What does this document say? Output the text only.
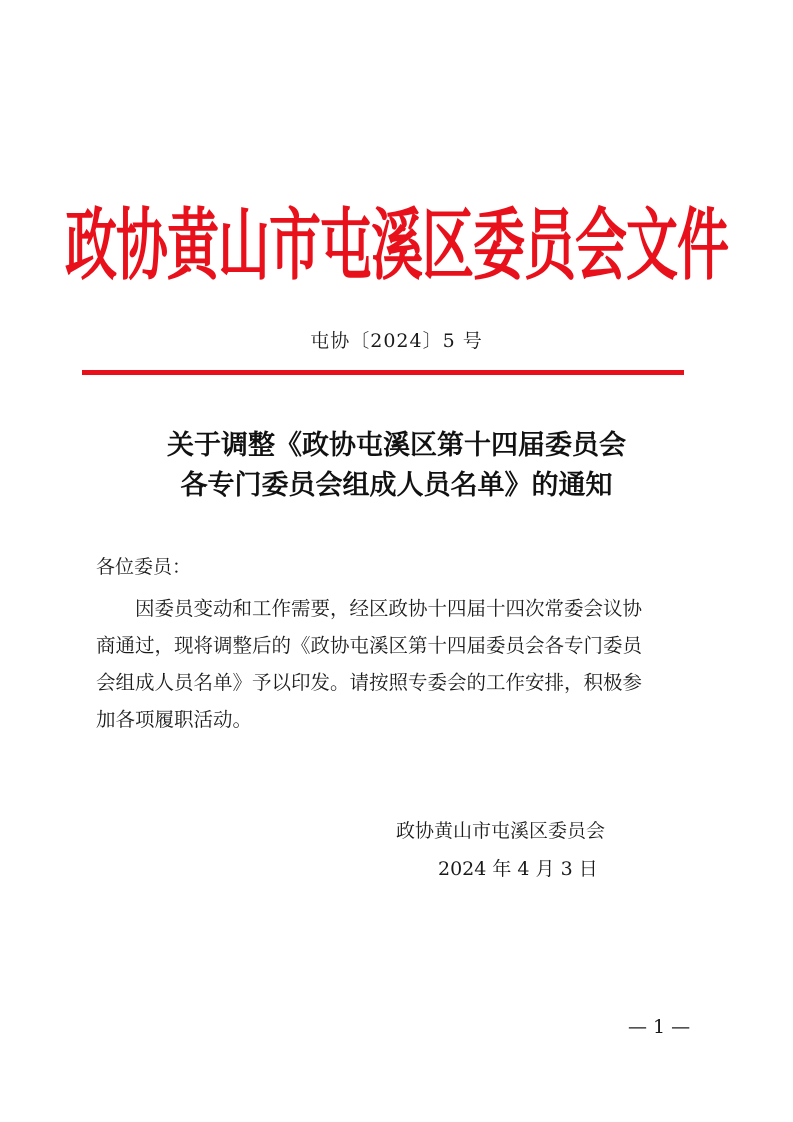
政协黄山市屯溪区委员会文件
屯协〔2024〕5 号
关于调整《政协屯溪区第十四届委员会
各专门委员会组成人员名单》的通知
各位委员：
因委员变动和工作需要，经区政协十四届十四次常委会议协
商通过，现将调整后的《政协屯溪区第十四届委员会各专门委员
会组成人员名单》予以印发。请按照专委会的工作安排，积极参
加各项履职活动。
政协黄山市屯溪区委员会
2024 年 4 月 3 日
— 1 —
